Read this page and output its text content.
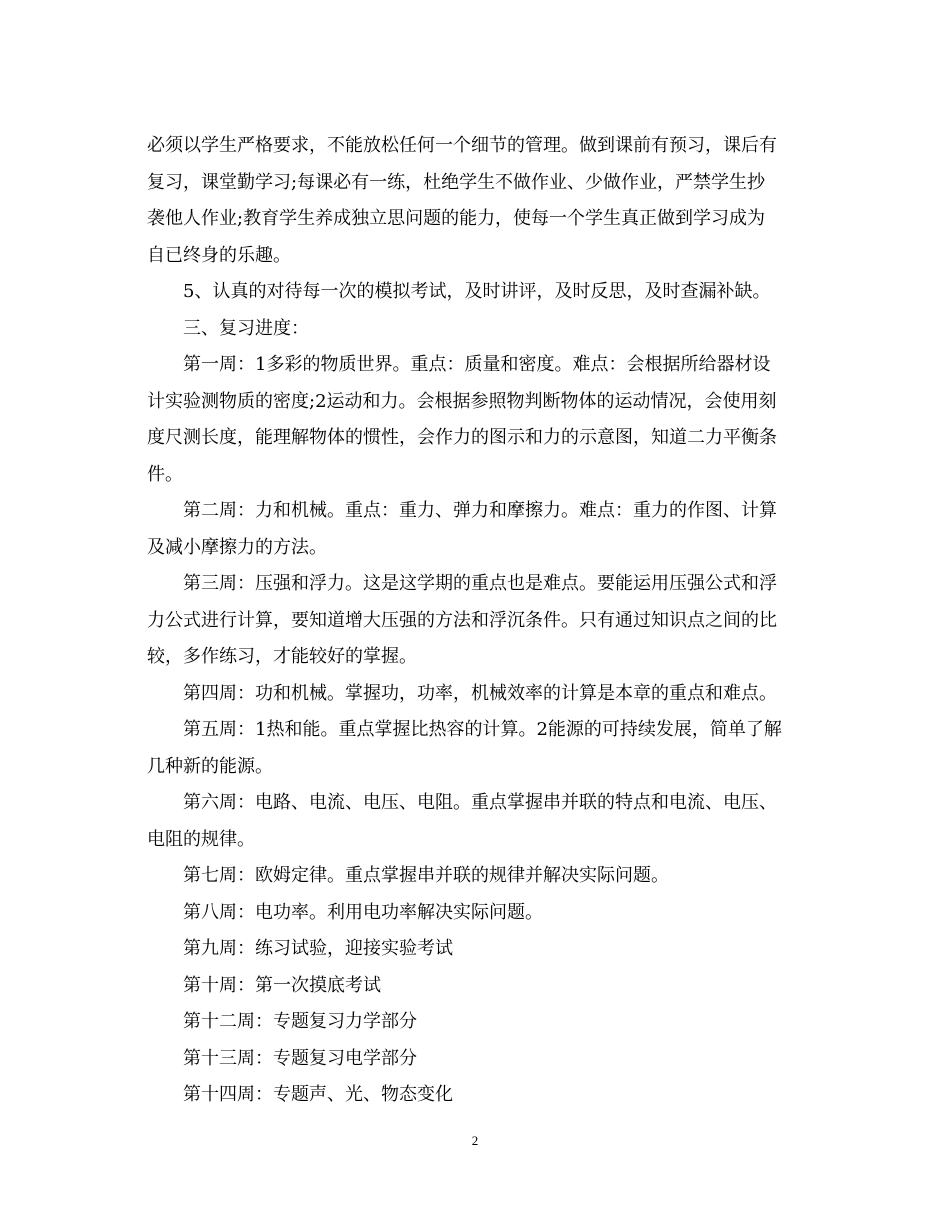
必须以学生严格要求，不能放松任何一个细节的管理。做到课前有预习，课后有
复习，课堂勤学习;每课必有一练，杜绝学生不做作业、少做作业，严禁学生抄
袭他人作业;教育学生养成独立思问题的能力，使每一个学生真正做到学习成为
自已终身的乐趣。
5、认真的对待每一次的模拟考试，及时讲评，及时反思，及时查漏补缺。
三、复习进度：
第一周：1多彩的物质世界。重点：质量和密度。难点：会根据所给器材设
计实验测物质的密度;2运动和力。会根据参照物判断物体的运动情况，会使用刻
度尺测长度，能理解物体的惯性，会作力的图示和力的示意图，知道二力平衡条
件。
第二周：力和机械。重点：重力、弹力和摩擦力。难点：重力的作图、计算
及减小摩擦力的方法。
第三周：压强和浮力。这是这学期的重点也是难点。要能运用压强公式和浮
力公式进行计算，要知道增大压强的方法和浮沉条件。只有通过知识点之间的比
较，多作练习，才能较好的掌握。
第四周：功和机械。掌握功，功率，机械效率的计算是本章的重点和难点。
第五周：1热和能。重点掌握比热容的计算。2能源的可持续发展，简单了解
几种新的能源。
第六周：电路、电流、电压、电阻。重点掌握串并联的特点和电流、电压、
电阻的规律。
第七周：欧姆定律。重点掌握串并联的规律并解决实际问题。
第八周：电功率。利用电功率解决实际问题。
第九周：练习试验，迎接实验考试
第十周：第一次摸底考试
第十二周：专题复习力学部分
第十三周：专题复习电学部分
第十四周：专题声、光、物态变化
2
